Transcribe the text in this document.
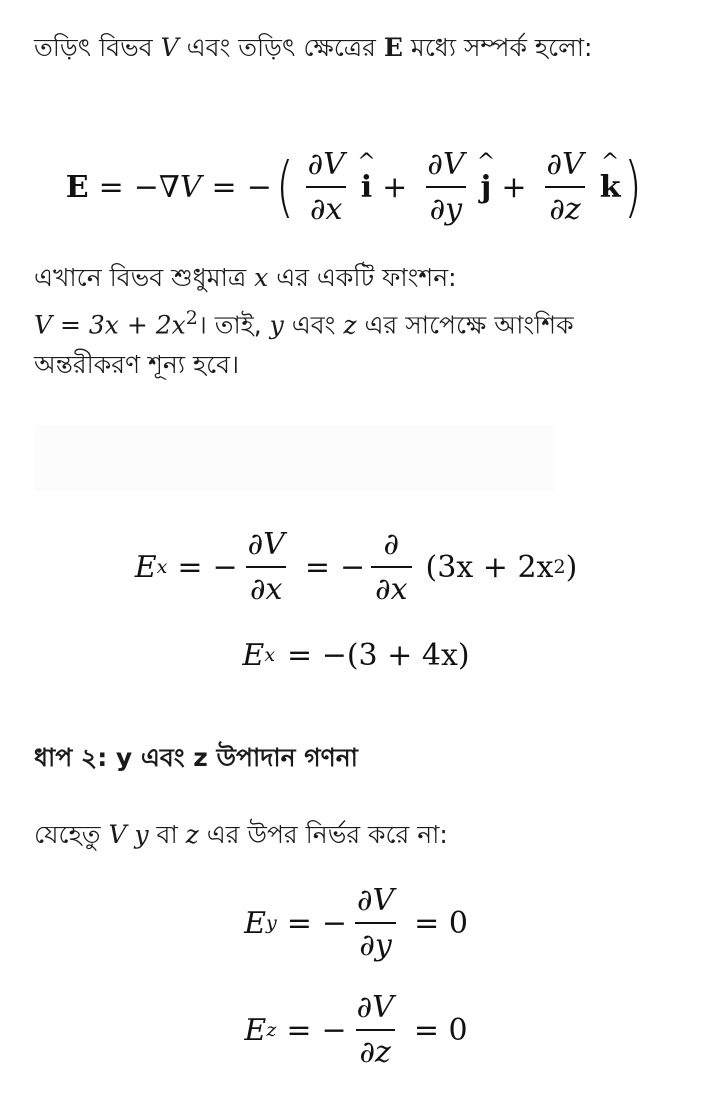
তড়িৎ বিভব V এবং তড়িৎ ক্ষেত্রের E মধ্যে সম্পর্ক হলো:
E = −∇ V = − ( $\frac{\partial V}{\partial x}$ ^ $i + \frac{\partial V}{\partial y}$ ^ $j + \frac{\partial V}{\partial z}$ ^ k )
এখানে বিভব শুধুমাত্র x এর একটি ফাংশন:
$V = 3x + 2x^2।$ তাই, y এবং z এর সাপেক্ষে আংশিক
অন্তরীকরণ শূন্য হবে।
E x = − $\frac{\partial V}{\partial x}$ = − $\frac{\partial}{\partial x} (3x + 2x$ 2 )
E x = −(3 + 4x)
ধাপ ২: y এবং z উপাদান গণনা
যেহেতু V y বা z এর উপর নির্ভর করে না:
E y = − $\frac{\partial V}{\partial y} = 0$
E z = − $\frac{\partial V}{\partial z} = 0$
